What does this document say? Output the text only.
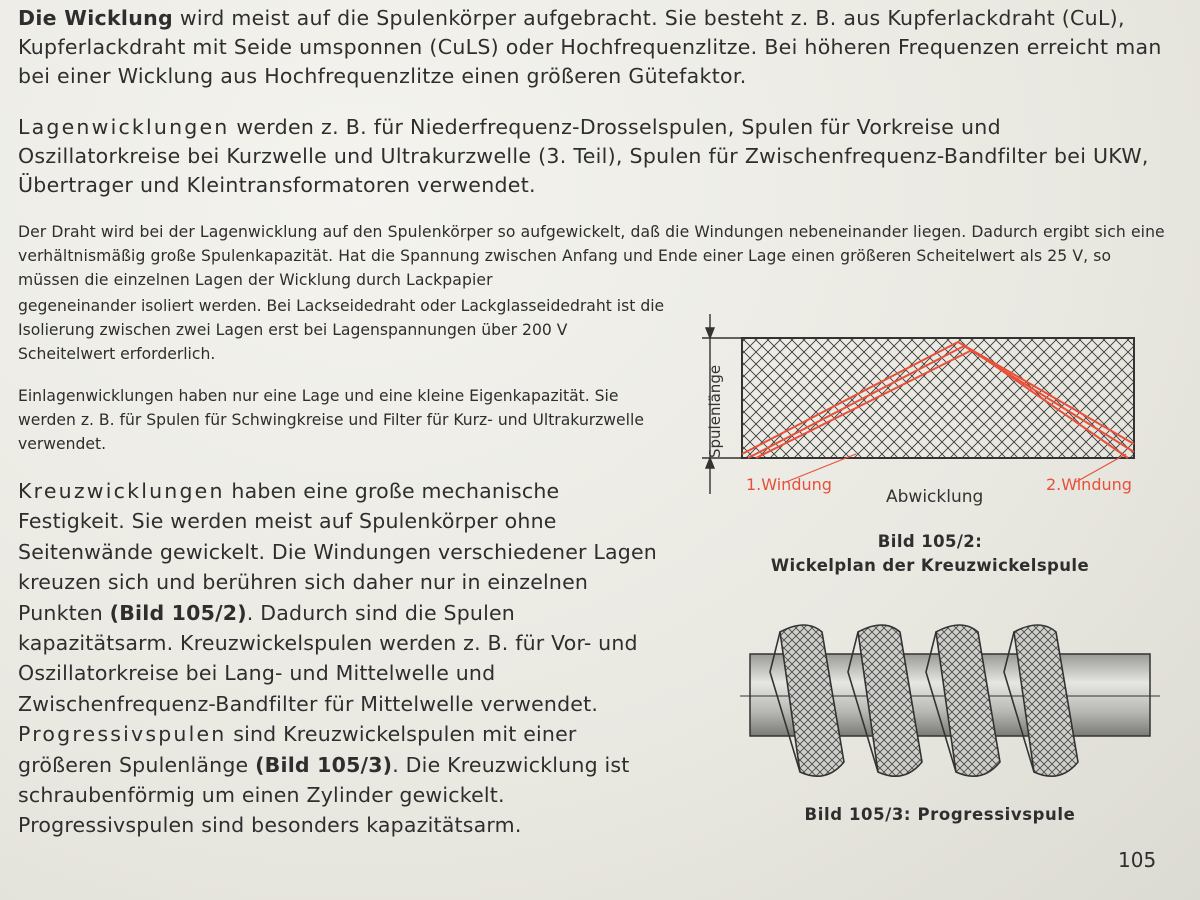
Die Wicklung wird meist auf die Spulenkörper aufgebracht. Sie besteht z. B. aus Kupferlackdraht (CuL), Kupferlackdraht mit Seide umsponnen (CuLS) oder Hochfrequenzlitze. Bei höheren Frequenzen erreicht man bei einer Wicklung aus Hochfrequenzlitze einen größeren Gütefaktor.

Lagenwicklungen werden z. B. für Niederfrequenz-Drosselspulen, Spulen für Vorkreise und Oszillatorkreise bei Kurzwelle und Ultrakurzwelle (3. Teil), Spulen für Zwischenfrequenz-Bandfilter bei UKW, Übertrager und Kleintransformatoren verwendet.

Der Draht wird bei der Lagenwicklung auf den Spulenkörper so aufgewickelt, daß die Windungen nebeneinander liegen. Dadurch ergibt sich eine verhältnismäßig große Spulenkapazität. Hat die Spannung zwischen Anfang und Ende einer Lage einen größeren Scheitelwert als 25 V, so müssen die einzelnen Lagen der Wicklung durch Lackpapier

gegeneinander isoliert werden. Bei Lackseidedraht oder Lackglasseidedraht ist die Isolierung zwischen zwei Lagen erst bei Lagenspannungen über 200 V Scheitelwert erforderlich.

Einlagenwicklungen haben nur eine Lage und eine kleine Eigenkapazität. Sie werden z. B. für Spulen für Schwingkreise und Filter für Kurz- und Ultrakurzwelle verwendet.

Kreuzwicklungen haben eine große mechanische Festigkeit. Sie werden meist auf Spulenkörper ohne Seitenwände gewickelt. Die Windungen verschiedener Lagen kreuzen sich und berühren sich daher nur in einzelnen Punkten (Bild 105/2). Dadurch sind die Spulen kapazitätsarm. Kreuzwickelspulen werden z. B. für Vor- und Oszillatorkreise bei Lang- und Mittelwelle und Zwischenfrequenz-Bandfilter für Mittelwelle verwendet. Progressivspulen sind Kreuzwickelspulen mit einer größeren Spulenlänge (Bild 105/3). Die Kreuzwicklung ist schraubenförmig um einen Zylinder gewickelt. Progressivspulen sind besonders kapazitätsarm.

Spulenlänge
1.Windung	2.Windung
Abwicklung
Bild 105/2:
Wickelplan der Kreuzwickelspule
Bild 105/3: Progressivspule
105
